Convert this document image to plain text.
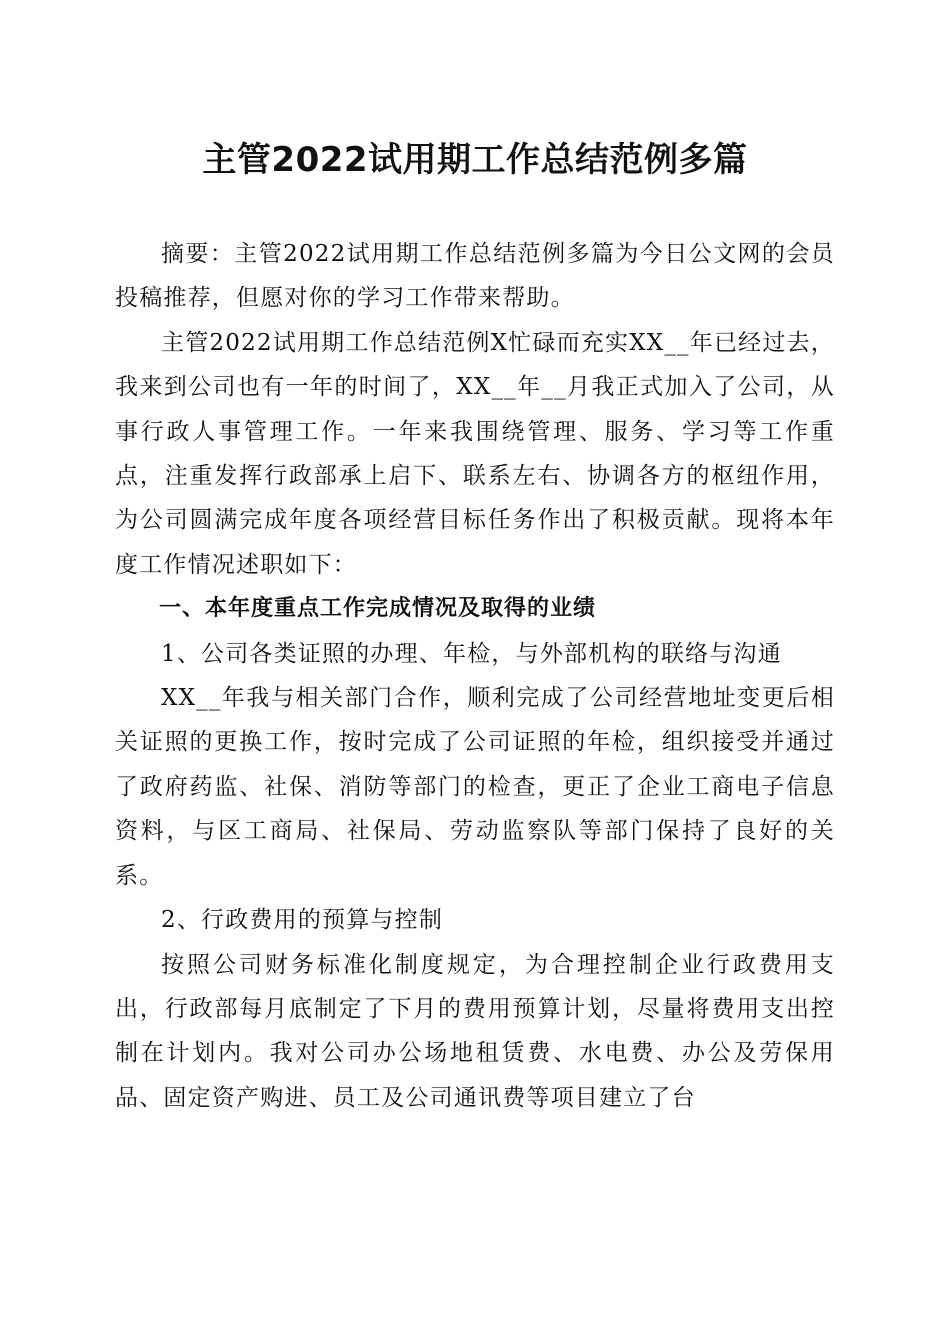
主管2022试用期工作总结范例多篇

摘要：主管2022试用期工作总结范例多篇为今日公文网的会员投稿推荐，但愿对你的学习工作带来帮助。

主管2022试用期工作总结范例X忙碌而充实XX__年已经过去，我来到公司也有一年的时间了，XX__年__月我正式加入了公司，从事行政人事管理工作。一年来我围绕管理、服务、学习等工作重点，注重发挥行政部承上启下、联系左右、协调各方的枢纽作用，为公司圆满完成年度各项经营目标任务作出了积极贡献。现将本年度工作情况述职如下：

一、本年度重点工作完成情况及取得的业绩

1、公司各类证照的办理、年检，与外部机构的联络与沟通

XX__年我与相关部门合作，顺利完成了公司经营地址变更后相关证照的更换工作，按时完成了公司证照的年检，组织接受并通过了政府药监、社保、消防等部门的检查，更正了企业工商电子信息资料，与区工商局、社保局、劳动监察队等部门保持了良好的关系。

2、行政费用的预算与控制

按照公司财务标准化制度规定，为合理控制企业行政费用支出，行政部每月底制定了下月的费用预算计划，尽量将费用支出控制在计划内。我对公司办公场地租赁费、水电费、办公及劳保用品、固定资产购进、员工及公司通讯费等项目建立了台
